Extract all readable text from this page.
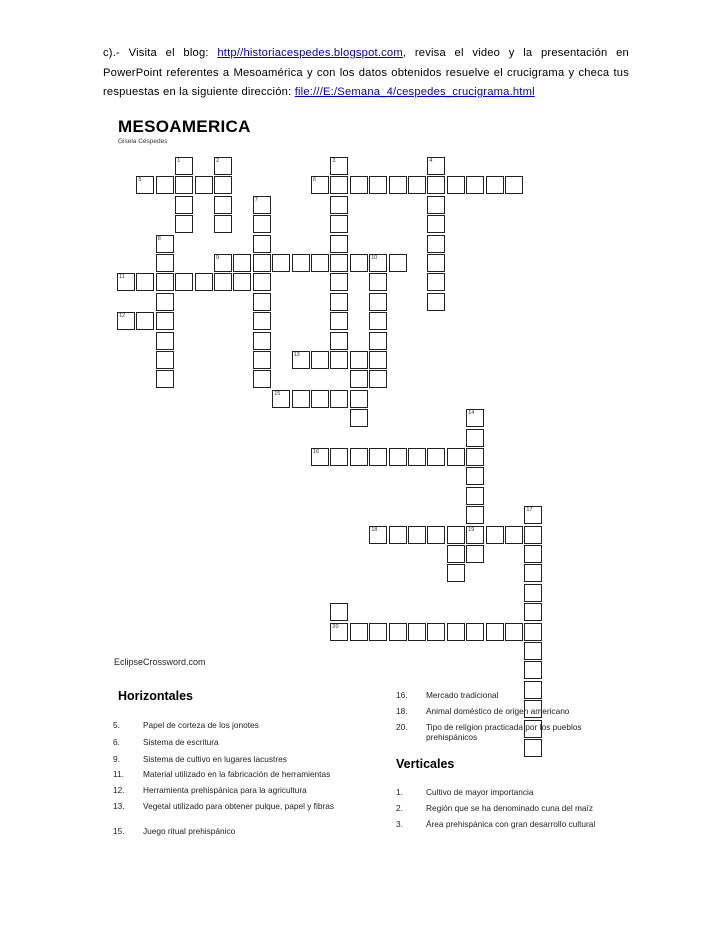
c).- Visita el blog: http//historiacespedes.blogspot.com, revisa el video y la presentación en PowerPoint referentes a Mesoamérica y con los datos obtenidos resuelve el crucigrama y checa tus respuestas en la siguiente dirección: file:///E:/Semana_4/cespedes_crucigrama.html
MESOAMERICA
Gisela Céspedes
5	6
9	10
11
12
13
15
16
18	19
20
1	2
7
8
3	4
14
17
EclipseCrossword.com
Horizontales
5.	Papel de corteza de los jonotes
6.	Sistema de escritura
9.	Sistema de cultivo en lugares lacustres
11. Material utilizado en la fabricación de herramientas
12. Herramienta prehispánica para la agricultura
13. Vegetal utilizado para obtener pulque, papel y fibras
15. Juego ritual prehispánico
16. Mercado tradicional
18. Animal doméstico de origen americano
20. Tipo de religion practicada por los pueblos prehispánicos
Verticales
1.	Cultivo de mayor importancia
2.	Región que se ha denominado cuna del maíz
3.	Área prehispánica con gran desarrollo cultural
